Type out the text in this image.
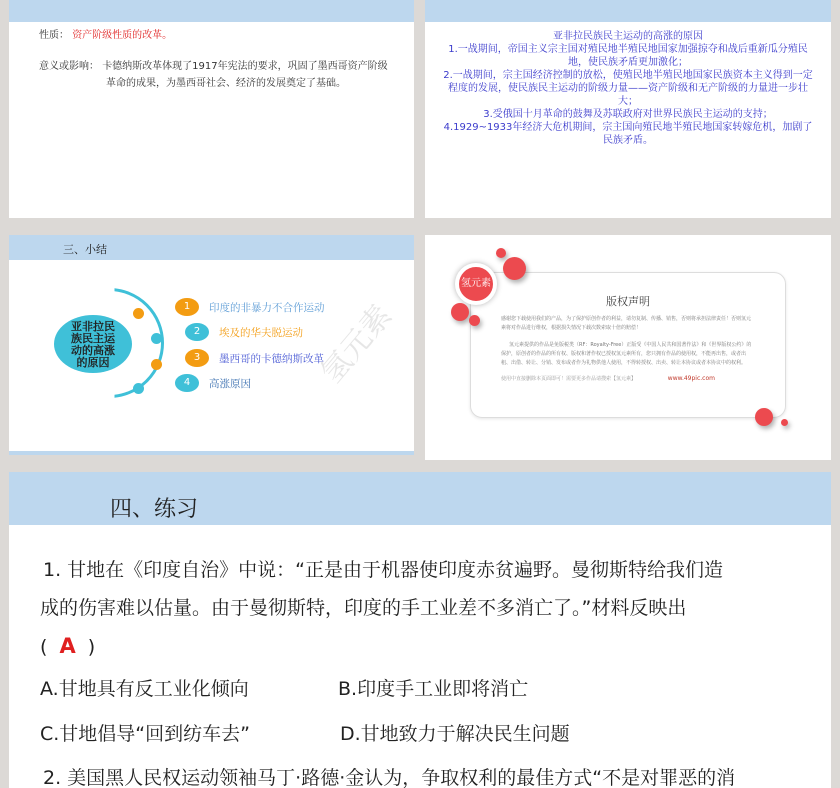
性质： 资产阶级性质的改革。
意义或影响： 卡德纳斯改革体现了1917年宪法的要求，巩固了墨西哥资产阶级
革命的成果，为墨西哥社会、经济的发展奠定了基础。
亚非拉民族民主运动的高涨的原因
1.一战期间，帝国主义宗主国对殖民地半殖民地国家加强掠夺和战后重新瓜分殖民地，使民族矛盾更加激化；
2.一战期间，宗主国经济控制的放松，使殖民地半殖民地国家民族资本主义得到一定程度的发展，使民族民主运动的阶级力量——资产阶级和无产阶级的力量进一步壮大；
3.受俄国十月革命的鼓舞及苏联政府对世界民族民主运动的支持；
4.1929~1933年经济大危机期间，宗主国向殖民地半殖民地国家转嫁危机，加剧了民族矛盾。
三、小结
氢元素
亚非拉民族民主运动的高涨的原因
1	印度的非暴力不合作运动
2	埃及的华夫脱运动
3	墨西哥的卡德纳斯改革
4	高涨原因
版权声明
感谢您下载使用我们的产品，为了保护原创作者的利益，请勿复制、传播、销售，否则将承担法律责任！否则氢元素将对作品进行维权，根据损失情况下载次数索取十倍的赔偿！
氢元素提供的作品是免版税类（RF：Royalty-Free）正版受《中国人民共和国著作法》和《世界版权公约》的保护，原创者的作品的所有权、版权和著作权已授权氢元素所有，您只拥有作品的使用权，不能再出售，或者出租、出借、转让、分销、发布或者作为礼物供他人使用，不得转授权、出卖、转让本协议或者本协议中的权利。
使用中直接删除本页面即可！需要更多作品请搜索【氢元素】	www.49pic.com
氢元素
四、练习
1. 甘地在《印度自治》中说：“正是由于机器使印度赤贫遍野。曼彻斯特给我们造
成的伤害难以估量。由于曼彻斯特，印度的手工业差不多消亡了。”材料反映出
( A )
A.甘地具有反工业化倾向	B.印度手工业即将消亡
C.甘地倡导“回到纺车去”	D.甘地致力于解决民生问题
2. 美国黑人民权运动领袖马丁·路德·金认为，争取权利的最佳方式“不是对罪恶的消
